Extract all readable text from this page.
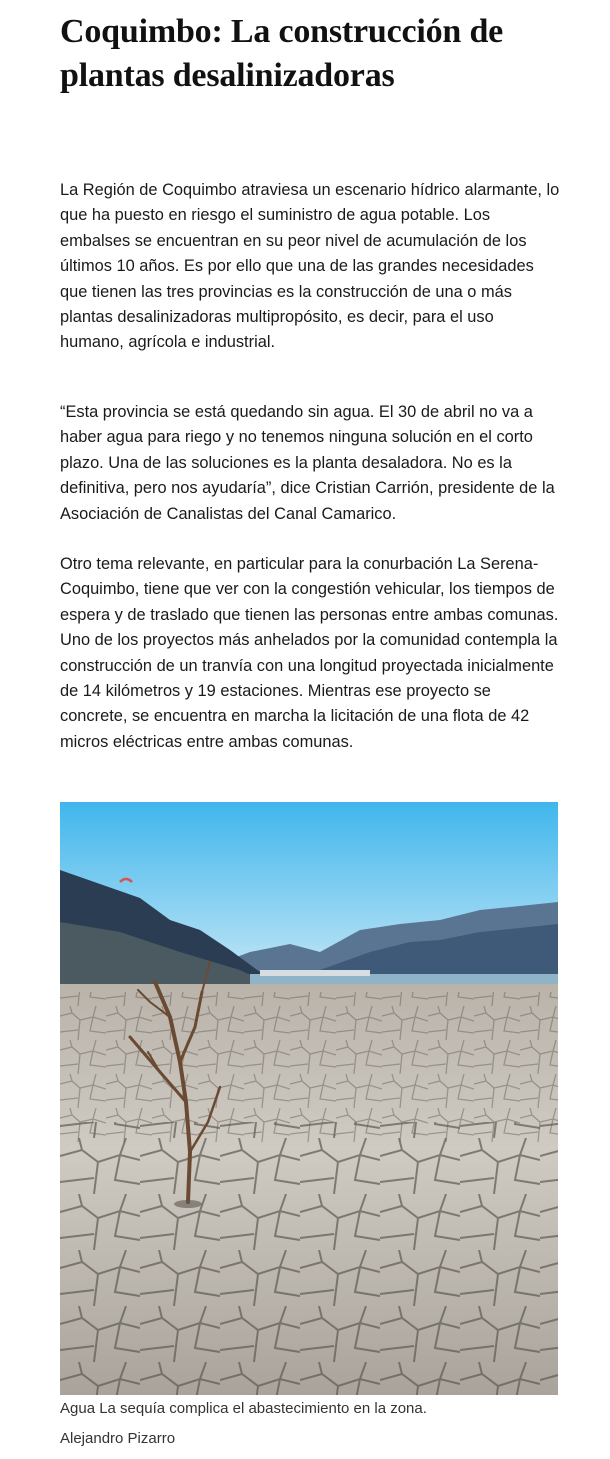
Coquimbo: La construcción de plantas desalinizadoras

La Región de Coquimbo atraviesa un escenario hídrico alarmante, lo que ha puesto en riesgo el suministro de agua potable. Los embalses se encuentran en su peor nivel de acumulación de los últimos 10 años. Es por ello que una de las grandes necesidades que tienen las tres provincias es la construcción de una o más plantas desalinizadoras multipropósito, es decir, para el uso humano, agrícola e industrial.

“Esta provincia se está quedando sin agua. El 30 de abril no va a haber agua para riego y no tenemos ninguna solución en el corto plazo. Una de las soluciones es la planta desaladora. No es la definitiva, pero nos ayudaría”, dice Cristian Carrión, presidente de la Asociación de Canalistas del Canal Camarico.

Otro tema relevante, en particular para la conurbación La Serena-Coquimbo, tiene que ver con la congestión vehicular, los tiempos de espera y de traslado que tienen las personas entre ambas comunas. Uno de los proyectos más anhelados por la comunidad contempla la construcción de un tranvía con una longitud proyectada inicialmente de 14 kilómetros y 19 estaciones. Mientras ese proyecto se concrete, se encuentra en marcha la licitación de una flota de 42 micros eléctricas entre ambas comunas.

Agua La sequía complica el abastecimiento en la zona.
Alejandro Pizarro
